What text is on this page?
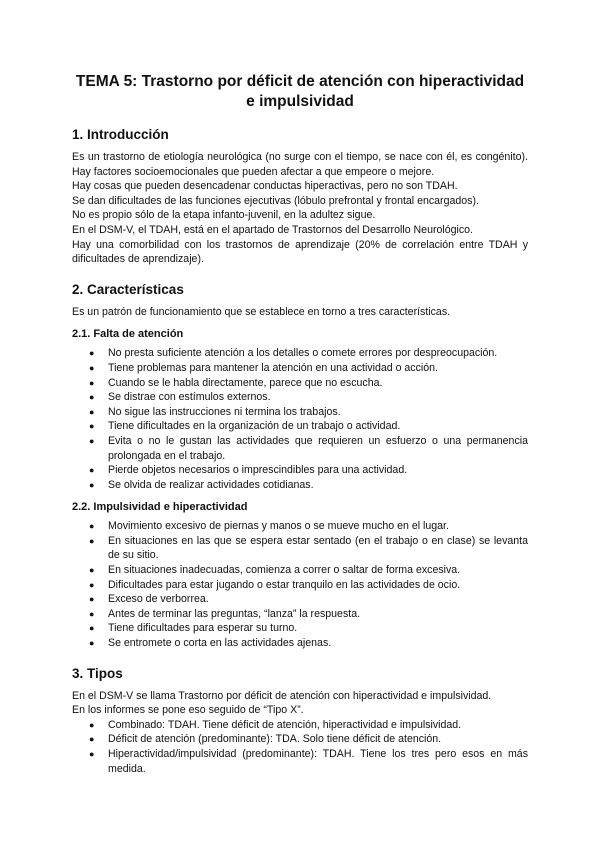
TEMA 5: Trastorno por déficit de atención con hiperactividad e impulsividad
1. Introducción

Es un trastorno de etiología neurológica (no surge con el tiempo, se nace con él, es congénito). Hay factores socioemocionales que pueden afectar a que empeore o mejore.

Hay cosas que pueden desencadenar conductas hiperactivas, pero no son TDAH.

Se dan dificultades de las funciones ejecutivas (lóbulo prefrontal y frontal encargados).

No es propio sólo de la etapa infanto-juvenil, en la adultez sigue.

En el DSM-V, el TDAH, está en el apartado de Trastornos del Desarrollo Neurológico.

Hay una comorbilidad con los trastornos de aprendizaje (20% de correlación entre TDAH y dificultades de aprendizaje).

2. Características

Es un patrón de funcionamiento que se establece en torno a tres características.

2.1. Falta de atención
● No presta suficiente atención a los detalles o comete errores por despreocupación.
● Tiene problemas para mantener la atención en una actividad o acción.
● Cuando se le habla directamente, parece que no escucha.
● Se distrae con estímulos externos.
● No sigue las instrucciones ni termina los trabajos.
● Tiene dificultades en la organización de un trabajo o actividad.
● Evita o no le gustan las actividades que requieren un esfuerzo o una permanencia prolongada en el trabajo.
● Pierde objetos necesarios o imprescindibles para una actividad.
● Se olvida de realizar actividades cotidianas.
2.2. Impulsividad e hiperactividad
● Movimiento excesivo de piernas y manos o se mueve mucho en el lugar.
● En situaciones en las que se espera estar sentado (en el trabajo o en clase) se levanta de su sitio.
● En situaciones inadecuadas, comienza a correr o saltar de forma excesiva.
● Dificultades para estar jugando o estar tranquilo en las actividades de ocio.
● Exceso de verborrea.
● Antes de terminar las preguntas, “lanza” la respuesta.
● Tiene dificultades para esperar su turno.
● Se entromete o corta en las actividades ajenas.
3. Tipos

En el DSM-V se llama Trastorno por déficit de atención con hiperactividad e impulsividad.

En los informes se pone eso seguido de “Tipo X”.

● Combinado: TDAH. Tiene déficit de atención, hiperactividad e impulsividad.
● Déficit de atención (predominante): TDA. Solo tiene déficit de atención.
● Hiperactividad/impulsividad (predominante): TDAH. Tiene los tres pero esos en más medida.
